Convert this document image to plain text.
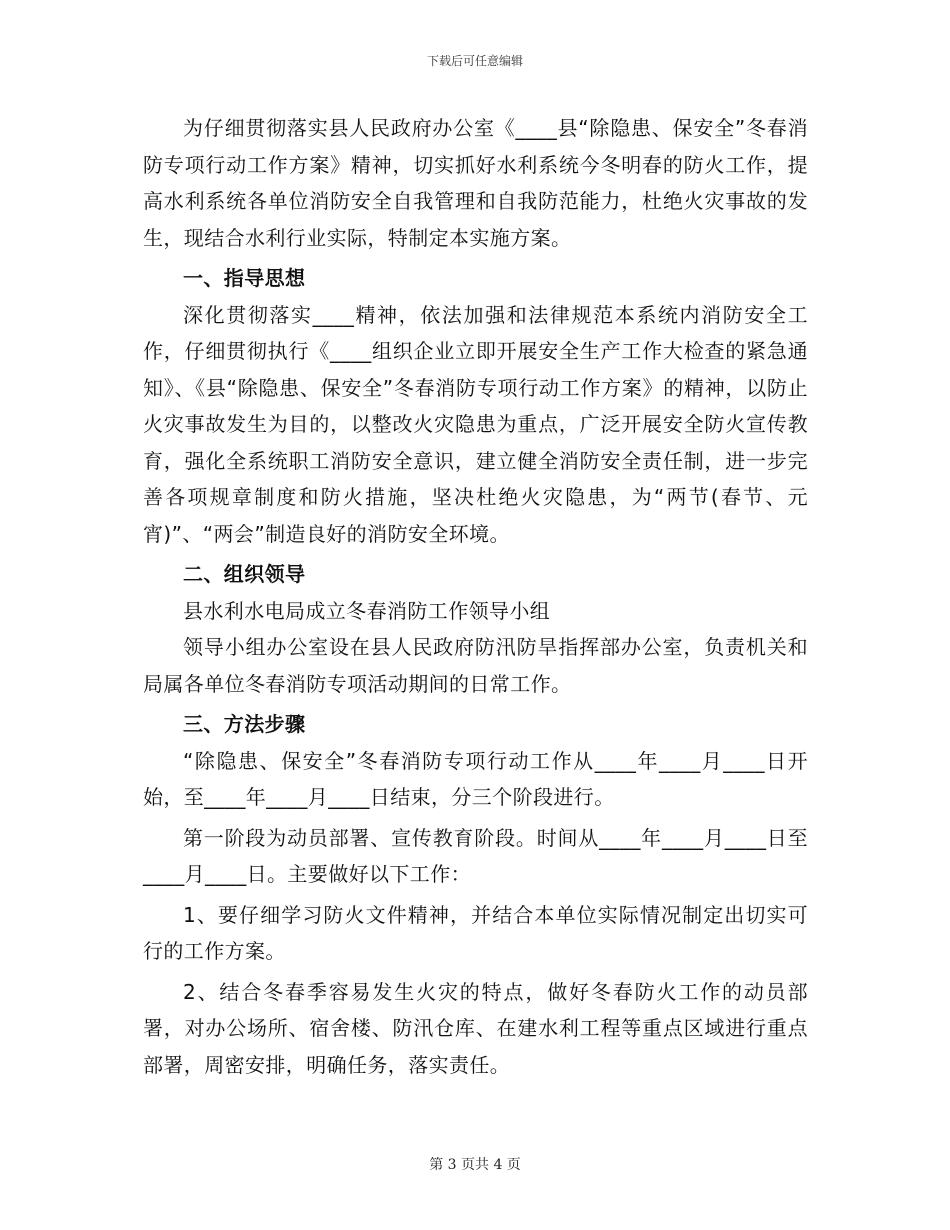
下载后可任意编辑

为仔细贯彻落实县人民政府办公室《____县“除隐患、保安全”冬春消防专项行动工作方案》精神，切实抓好水利系统今冬明春的防火工作，提高水利系统各单位消防安全自我管理和自我防范能力，杜绝火灾事故的发生，现结合水利行业实际，特制定本实施方案。

一、指导思想

深化贯彻落实____精神，依法加强和法律规范本系统内消防安全工作，仔细贯彻执行《____组织企业立即开展安全生产工作大检查的紧急通知》、《县“除隐患、保安全”冬春消防专项行动工作方案》的精神，以防止火灾事故发生为目的，以整改火灾隐患为重点，广泛开展安全防火宣传教育，强化全系统职工消防安全意识，建立健全消防安全责任制，进一步完善各项规章制度和防火措施，坚决杜绝火灾隐患，为“两节(春节、元宵)”、“两会”制造良好的消防安全环境。

二、组织领导

县水利水电局成立冬春消防工作领导小组

领导小组办公室设在县人民政府防汛防旱指挥部办公室，负责机关和局属各单位冬春消防专项活动期间的日常工作。

三、方法步骤

“除隐患、保安全”冬春消防专项行动工作从____年____月____日开始，至____年____月____日结束，分三个阶段进行。

第一阶段为动员部署、宣传教育阶段。时间从____年____月____日至____月____日。主要做好以下工作：

1、要仔细学习防火文件精神，并结合本单位实际情况制定出切实可行的工作方案。

2、结合冬春季容易发生火灾的特点，做好冬春防火工作的动员部署，对办公场所、宿舍楼、防汛仓库、在建水利工程等重点区域进行重点部署，周密安排，明确任务，落实责任。

第 3 页共 4 页
